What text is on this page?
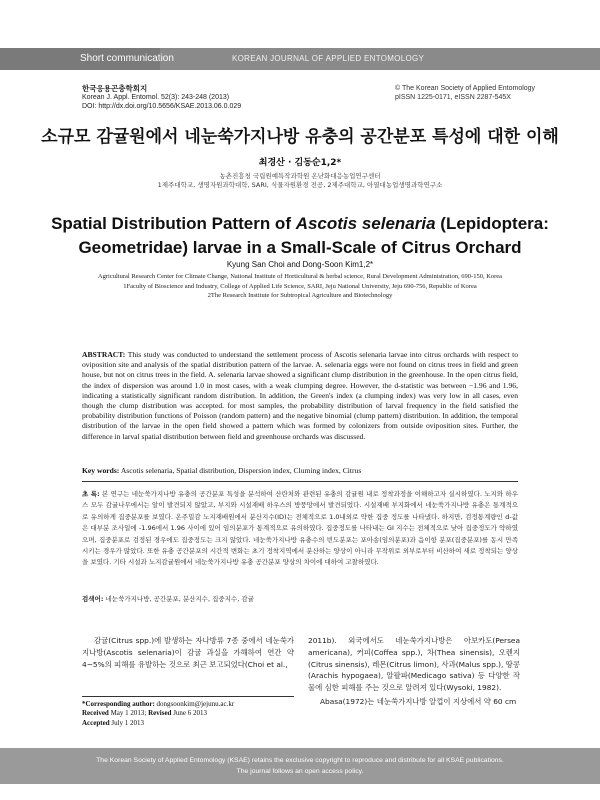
Short communication	KOREAN JOURNAL OF APPLIED ENTOMOLOGY
한국응용곤충학회지
Korean J. Appl. Entomol. 52(3): 243-248 (2013)
DOI: http://dx.doi.org/10.5656/KSAE.2013.06.0.029
© The Korean Society of Applied Entomology
pISSN 1225-0171, eISSN 2287-545X
소규모 감귤원에서 네눈쑥가지나방 유충의 공간분포 특성에 대한 이해
최경산 · 김동순1,2*
농촌진흥청 국립원예특작과학원 온난화대응농업연구센터
1제주대학교, 생명자원과학대학, SARI, 식물자원환경 전공, 2제주대학교, 아열대농업생명과학연구소
Spatial Distribution Pattern of Ascotis selenaria (Lepidoptera: Geometridae) larvae in a Small-Scale of Citrus Orchard
Kyung San Choi and Dong-Soon Kim1,2*
Agricultural Research Center for Climate Change, National Institute of Horticultural & herbal science, Rural Development Administration, 690-150, Korea
1Faculty of Bioscience and Industry, College of Applied Life Science, SARI, Jeju National University, Jeju 690-756, Republic of Korea
2The Research Institute for Subtropical Agriculture and Biotechnology
ABSTRACT: This study was conducted to understand the settlement process of Ascotis selenaria larvae into citrus orchards with respect to oviposition site and analysis of the spatial distribution pattern of the larvae. A. selenaria eggs were not found on citrus trees in field and green house, but not on citrus trees in the field. A. selenaria larvae showed a significant clump distribution in the greenhouse. In the open citrus field, the index of dispersion was around 1.0 in most cases, with a weak clumping degree. However, the d-statistic was between −1.96 and 1.96, indicating a statistically significant random distribution. In addition, the Green's index (a clumping index) was very low in all cases, even though the clump distribution was accepted. for most samples, the probability distribution of larval frequency in the field satisfied the probability distribution functions of Poisson (random pattern) and the negative binomial (clump pattern) distribution. In addition, the temporal distribution of the larvae in the open field showed a pattern which was formed by colonizers from outside oviposition sites. Further, the difference in larval spatial distribution between field and greenhouse orchards was discussed.
Key words: Ascotis selenaria, Spatial distribution, Dispersion index, Cluming index, Citrus
초 록: 본 연구는 네눈쑥가지나방 유충의 공간분포 특성을 분석하여 산란처와 관련된 유충의 감귤원 내로 정착과정을 이해하고자 실시하였다. 노지와 하우스 모두 감귤나무에서는 알이 발견되지 않았고, 부지와 시설재배 하우스의 방풍망에서 발견되었다. 시설재배 부지화에서 네눈쑥가지나방 유충은 통계적으로 유의하게 집중분포를 보였다. 온주밀감 노지재배원에서 분산지수(ID)는 전체적으로 1.0내외로 약한 집중 정도를 나타냈다. 하지만, 검정통계량인 d-값은 대부분 조사일에 -1.96에서 1.96 사이에 있어 임의분포가 통계적으로 유의하였다. 집중정도를 나타내는 GI 지수는 전체적으로 낮아 집중정도가 약하였으며, 집중분포로 검정된 경우에도 집중정도는 크지 않았다. 네눈쑥가지나방 유충수의 빈도분포는 포아송(임의분포)과 음이항 분포(집중분포)를 동시 만족시키는 경우가 많았다. 또한 유충 공간분포의 시간적 변화는 초기 정착지역에서 분산하는 양상이 아니라 무작위로 외부로부터 비산하여 새로 정착되는 양상을 보였다. 기타 시설과 노지감귤원에서 네눈쑥가지나방 유충 공간분포 양상의 차이에 대하여 고찰하였다.
검색어: 네눈쑥가지나방, 공간분포, 분산지수, 집중지수, 감귤
감귤(Citrus spp.)에 발생하는 자나방류 7종 중에서 네눈쑥가지나방(Ascotis selenaria)이 감귤 과실을 가해하여 연간 약 4~5%의 피해를 유발하는 것으로 최근 보고되었다(Choi et al.,
2011b). 외국에서도 네눈쑥가지나방은 아보카도(Persea americana), 커피(Coffea spp.), 차(Thea sinensis), 오렌지(Citrus sinensis), 레몬(Citrus limon), 사과(Malus spp.), 땅콩(Arachis hypogaea), 알팔파(Medicago sativa) 등 다양한 작물에 심한 피해를 주는 것으로 알려져 있다(Wysoki, 1982).
Abasa(1972)는 네눈쑥가지나방 알껍이 지상에서 약 60 cm
*Corresponding author: dongsoonkim@jejunu.ac.kr
Received May 1 2013; Revised June 6 2013
Accepted July 1 2013
The Korean Society of Applied Entomology (KSAE) retains the exclusive copyright to reproduce and distribute for all KSAE publications.
The journal follows an open access policy.
